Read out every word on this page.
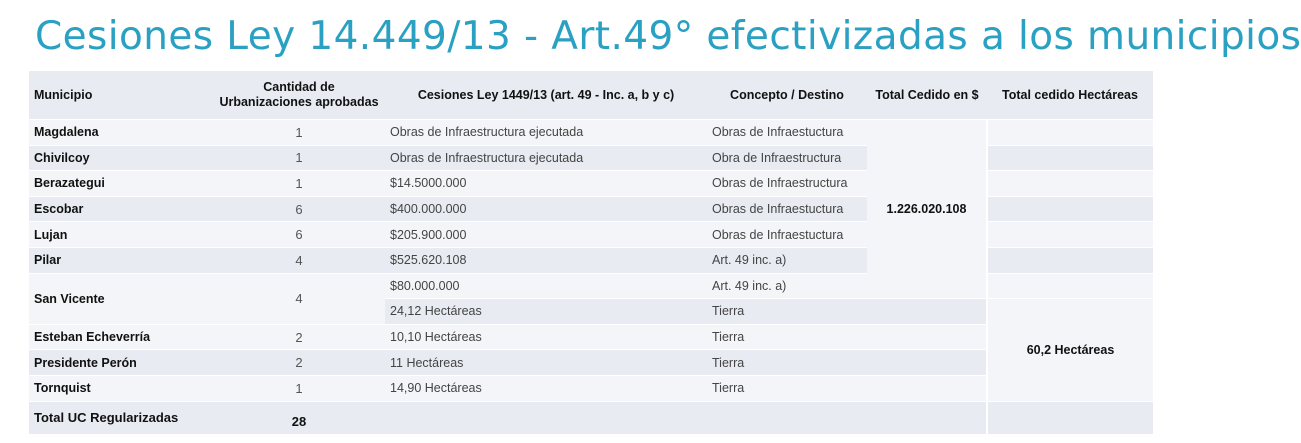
Cesiones Ley 14.449/13 - Art.49° efectivizadas a los municipios
Municipio	Cantidad de Urbanizaciones aprobadas	Cesiones Ley 1449/13 (art. 49 - Inc. a, b y c)	Concepto / Destino	Total Cedido en $	Total cedido Hectáreas
Magdalena	1	Obras de Infraestructura ejecutada	Obras de Infraestuctura	1.226.020.108	
Chivilcoy	1	Obras de Infraestructura ejecutada	Obra de Infraestructura		
Berazategui	1	$14.5000.000	Obras de Infraestructura		
Escobar	6	$400.000.000	Obras de Infraestuctura		
Lujan	6	$205.900.000	Obras de Infraestuctura		
Pilar	4	$525.620.108	Art. 49 inc. a)		
San Vicente	4	$80.000.000	Art. 49 inc. a)		
		24,12 Hectáreas	Tierra		60,2 Hectáreas
Esteban Echeverría	2	10,10 Hectáreas	Tierra		
Presidente Perón	2	11 Hectáreas	Tierra		
Tornquist	1	14,90 Hectáreas	Tierra		
Total UC Regularizadas	28				
